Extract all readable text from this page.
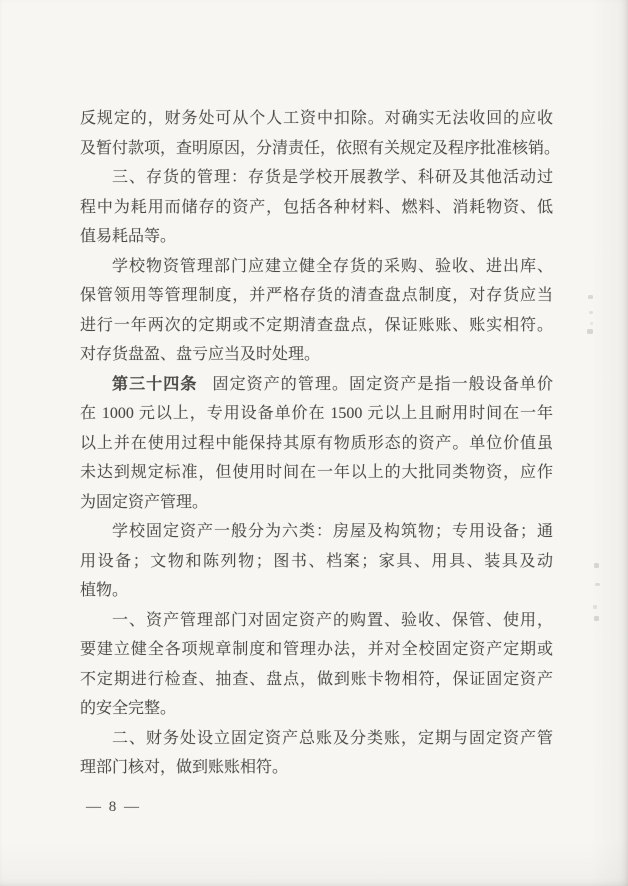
反规定的，财务处可从个人工资中扣除。对确实无法收回的应收
及暂付款项，查明原因，分清责任，依照有关规定及程序批准核销。
三、存货的管理：存货是学校开展教学、科研及其他活动过
程中为耗用而储存的资产，包括各种材料、燃料、消耗物资、低
值易耗品等。
学校物资管理部门应建立健全存货的采购、验收、进出库、
保管领用等管理制度，并严格存货的清查盘点制度，对存货应当
进行一年两次的定期或不定期清查盘点，保证账账、账实相符。
对存货盘盈、盘亏应当及时处理。
第三十四条 固定资产的管理。固定资产是指一般设备单价
在 1000 元以上，专用设备单价在 1500 元以上且耐用时间在一年
以上并在使用过程中能保持其原有物质形态的资产。单位价值虽
未达到规定标准，但使用时间在一年以上的大批同类物资，应作
为固定资产管理。
学校固定资产一般分为六类：房屋及构筑物；专用设备；通
用设备；文物和陈列物；图书、档案；家具、用具、装具及动
植物。
一、资产管理部门对固定资产的购置、验收、保管、使用，
要建立健全各项规章制度和管理办法，并对全校固定资产定期或
不定期进行检查、抽查、盘点，做到账卡物相符，保证固定资产
的安全完整。
二、财务处设立固定资产总账及分类账，定期与固定资产管
理部门核对，做到账账相符。
— 8 —
